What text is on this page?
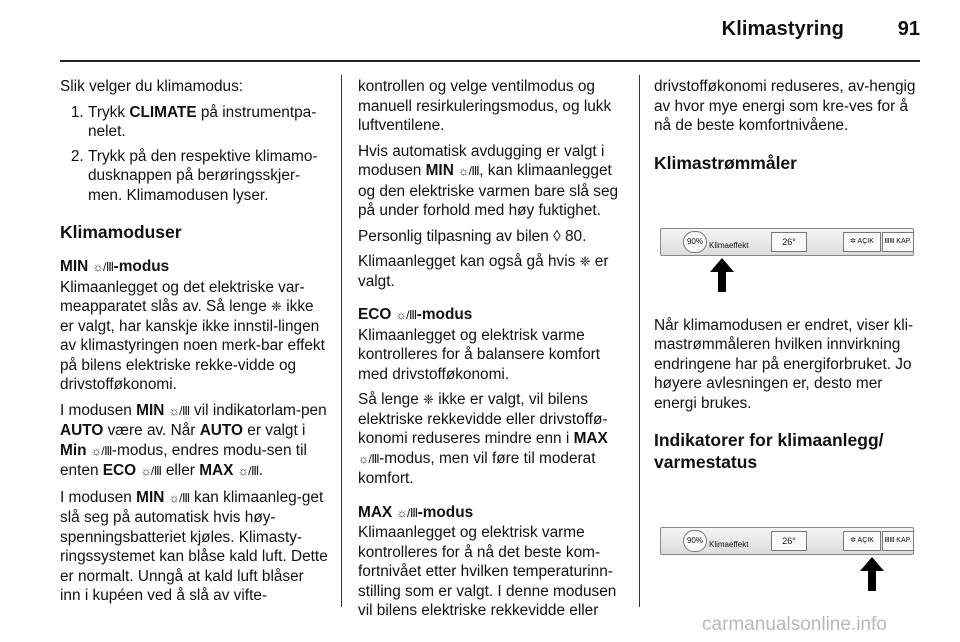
Klimastyring	91

Slik velger du klimamodus:

1. Trykk CLIMATE på instrumentpa-nelet.
2. Trykk på den respektive klimamo-dusknappen på berøringsskjer-men. Klimamodusen lyser.
Klimamoduser

MIN ☼/Ⅲ-modus

Klimaanlegget og det elektriske var-meapparatet slås av. Så lenge ❈ ikke er valgt, har kanskje ikke innstil-lingen av klimastyringen noen merk-bar effekt på bilens elektriske rekke-vidde og drivstofføkonomi.

I modusen MIN ☼/Ⅲ vil indikatorlam-pen AUTO være av. Når AUTO er valgt i Min ☼/Ⅲ-modus, endres modu-sen til enten ECO ☼/Ⅲ eller MAX ☼/Ⅲ.

I modusen MIN ☼/Ⅲ kan klimaanleg-get slå seg på automatisk hvis høy-spenningsbatteriet kjøles. Klimasty-ringssystemet kan blåse kald luft. Dette er normalt. Unngå at kald luft blåser inn i kupéen ved å slå av vifte-

kontrollen og velge ventilmodus og manuell resirkuleringsmodus, og lukk luftventilene.

Hvis automatisk avdugging er valgt i modusen MIN ☼/Ⅲ, kan klimaanlegget og den elektriske varmen bare slå seg på under forhold med høy fuktighet.

Personlig tilpasning av bilen ◊ 80.

Klimaanlegget kan også gå hvis ❈ er valgt.

ECO ☼/Ⅲ-modus

Klimaanlegget og elektrisk varme kontrolleres for å balansere komfort med drivstofføkonomi.

Så lenge ❈ ikke er valgt, vil bilens elektriske rekkevidde eller drivstoffø-konomi reduseres mindre enn i MAX ☼/Ⅲ-modus, men vil føre til moderat komfort.

MAX ☼/Ⅲ-modus

Klimaanlegget og elektrisk varme kontrolleres for å nå det beste kom-fortnivået etter hvilken temperaturinn-stilling som er valgt. I denne modusen vil bilens elektriske rekkevidde eller

drivstofføkonomi reduseres, av-hengig av hvor mye energi som kre-ves for å nå de beste komfortnivåene.

Klimastrømmåler
90% Klimaeffekt	26°	✲ AÇIK	ⅢⅢ KAP.

Når klimamodusen er endret, viser kli-mastrømmåleren hvilken innvirkning endringene har på energiforbruket. Jo høyere avlesningen er, desto mer energi brukes.

Indikatorer for klimaanlegg/ varmestatus
90% Klimaeffekt	26°	✲ AÇIK	ⅢⅢ KAP.
carmanualsonline.info
